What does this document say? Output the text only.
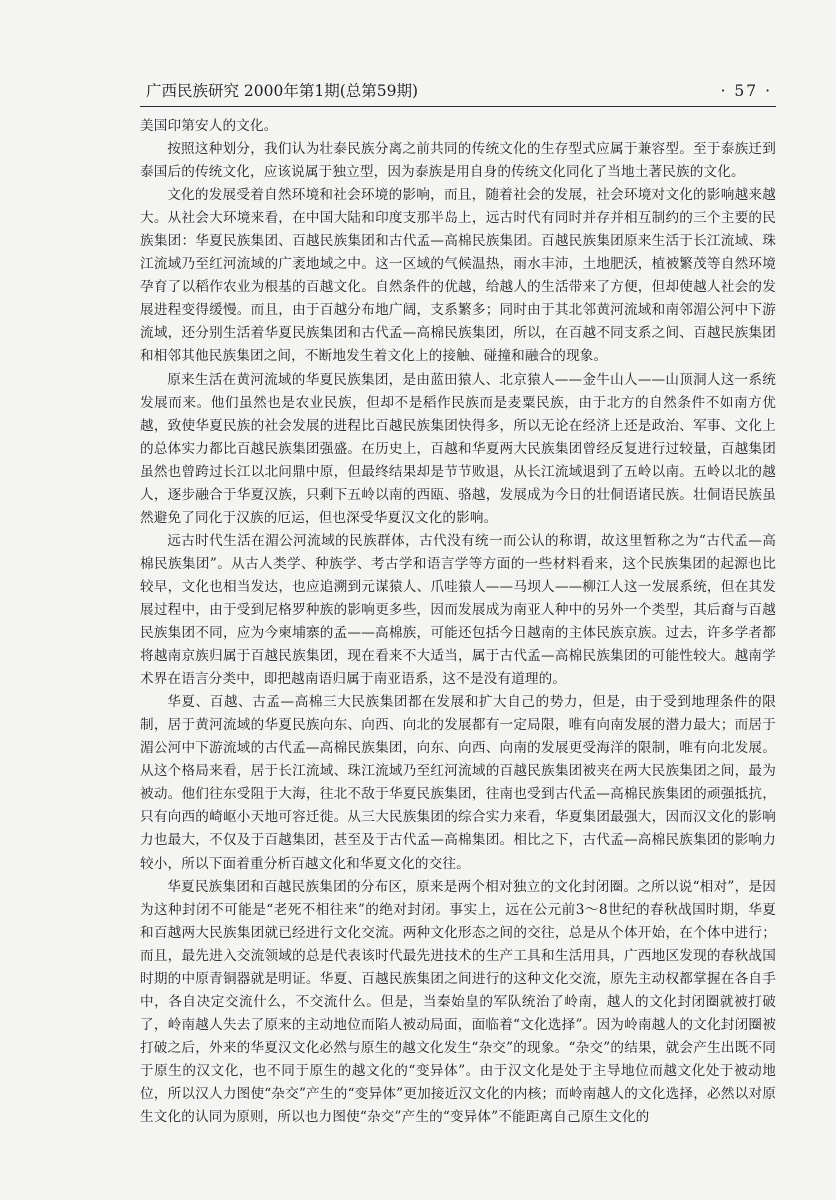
广西民族研究 2000年第1期(总第59期)	· 57 ·

美国印第安人的文化。

按照这种划分，我们认为壮泰民族分离之前共同的传统文化的生存型式应属于兼容型。至于泰族迁到泰国后的传统文化，应该说属于独立型，因为泰族是用自身的传统文化同化了当地土著民族的文化。

文化的发展受着自然环境和社会环境的影响，而且，随着社会的发展，社会环境对文化的影响越来越大。从社会大环境来看，在中国大陆和印度支那半岛上，远古时代有同时并存并相互制约的三个主要的民族集团：华夏民族集团、百越民族集团和古代孟—高棉民族集团。百越民族集团原来生活于长江流域、珠江流域乃至红河流域的广袤地域之中。这一区域的气候温热，雨水丰沛，土地肥沃，植被繁茂等自然环境孕育了以稻作农业为根基的百越文化。自然条件的优越，给越人的生活带来了方便，但却使越人社会的发展进程变得缓慢。而且，由于百越分布地广阔，支系繁多；同时由于其北邻黄河流域和南邻湄公河中下游流域，还分别生活着华夏民族集团和古代孟—高棉民族集团，所以，在百越不同支系之间、百越民族集团和相邻其他民族集团之间，不断地发生着文化上的接触、碰撞和融合的现象。

原来生活在黄河流域的华夏民族集团，是由蓝田猿人、北京猿人——金牛山人——山顶洞人这一系统发展而来。他们虽然也是农业民族，但却不是稻作民族而是麦粟民族，由于北方的自然条件不如南方优越，致使华夏民族的社会发展的进程比百越民族集团快得多，所以无论在经济上还是政治、军事、文化上的总体实力都比百越民族集团强盛。在历史上，百越和华夏两大民族集团曾经反复进行过较量，百越集团虽然也曾跨过长江以北问鼎中原，但最终结果却是节节败退，从长江流域退到了五岭以南。五岭以北的越人，逐步融合于华夏汉族，只剩下五岭以南的西瓯、骆越，发展成为今日的壮侗语诸民族。壮侗语民族虽然避免了同化于汉族的厄运，但也深受华夏汉文化的影响。

远古时代生活在湄公河流域的民族群体，古代没有统一而公认的称谓，故这里暂称之为“古代孟—高棉民族集团”。从古人类学、种族学、考古学和语言学等方面的一些材料看来，这个民族集团的起源也比较早，文化也相当发达，也应追溯到元谋猿人、爪哇猿人——马坝人——柳江人这一发展系统，但在其发展过程中，由于受到尼格罗种族的影响更多些，因而发展成为南亚人种中的另外一个类型，其后裔与百越民族集团不同，应为今柬埔寨的孟——高棉族，可能还包括今日越南的主体民族京族。过去，许多学者都将越南京族归属于百越民族集团，现在看来不大适当，属于古代孟—高棉民族集团的可能性较大。越南学术界在语言分类中，即把越南语归属于南亚语系，这不是没有道理的。

华夏、百越、古孟—高棉三大民族集团都在发展和扩大自己的势力，但是，由于受到地理条件的限制，居于黄河流域的华夏民族向东、向西、向北的发展都有一定局限，唯有向南发展的潜力最大；而居于湄公河中下游流域的古代孟—高棉民族集团，向东、向西、向南的发展更受海洋的限制，唯有向北发展。从这个格局来看，居于长江流域、珠江流域乃至红河流域的百越民族集团被夹在两大民族集团之间，最为被动。他们往东受阻于大海，往北不敌于华夏民族集团，往南也受到古代孟—高棉民族集团的顽强抵抗，只有向西的崎岖小天地可容迁徙。从三大民族集团的综合实力来看，华夏集团最强大，因而汉文化的影响力也最大，不仅及于百越集团，甚至及于古代孟—高棉集团。相比之下，古代孟—高棉民族集团的影响力较小，所以下面着重分析百越文化和华夏文化的交往。

华夏民族集团和百越民族集团的分布区，原来是两个相对独立的文化封闭圈。之所以说“相对”，是因为这种封闭不可能是“老死不相往来”的绝对封闭。事实上，远在公元前3～8世纪的春秋战国时期，华夏和百越两大民族集团就已经进行文化交流。两种文化形态之间的交往，总是从个体开始，在个体中进行；而且，最先进入交流领域的总是代表该时代最先进技术的生产工具和生活用具，广西地区发现的春秋战国时期的中原青铜器就是明证。华夏、百越民族集团之间进行的这种文化交流，原先主动权都掌握在各自手中，各自决定交流什么，不交流什么。但是，当秦始皇的军队统治了岭南，越人的文化封闭圈就被打破了，岭南越人失去了原来的主动地位而陷人被动局面，面临着“文化选择”。因为岭南越人的文化封闭圈被打破之后，外来的华夏汉文化必然与原生的越文化发生“杂交”的现象。“杂交”的结果，就会产生出既不同于原生的汉文化，也不同于原生的越文化的“变异体”。由于汉文化是处于主导地位而越文化处于被动地位，所以汉人力图使“杂交”产生的“变异体”更加接近汉文化的内核；而岭南越人的文化选择，必然以对原生文化的认同为原则，所以也力图使“杂交”产生的“变异体”不能距离自己原生文化的
